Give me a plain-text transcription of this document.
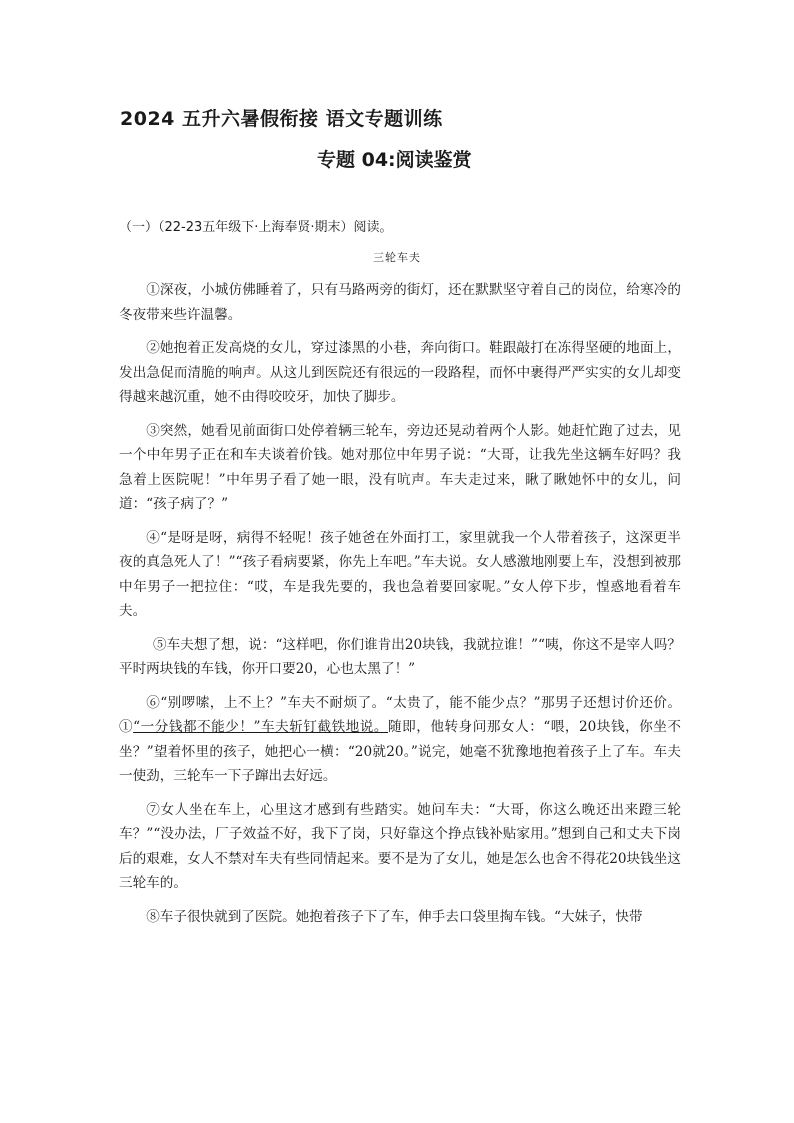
2024 五升六暑假衔接 语文专题训练
专题 04:阅读鉴赏
（一）（22-23五年级下·上海奉贤·期末）阅读。
三轮车夫

①深夜，小城仿佛睡着了，只有马路两旁的街灯，还在默默坚守着自己的岗位，给寒冷的冬夜带来些许温馨。

②她抱着正发高烧的女儿，穿过漆黑的小巷，奔向街口。鞋跟敲打在冻得坚硬的地面上，发出急促而清脆的响声。从这儿到医院还有很远的一段路程，而怀中裹得严严实实的女儿却变得越来越沉重，她不由得咬咬牙，加快了脚步。

③突然，她看见前面街口处停着辆三轮车，旁边还晃动着两个人影。她赶忙跑了过去，见一个中年男子正在和车夫谈着价钱。她对那位中年男子说：“大哥，让我先坐这辆车好吗？我急着上医院呢！”中年男子看了她一眼，没有吭声。车夫走过来，瞅了瞅她怀中的女儿，问道：“孩子病了？”

④“是呀是呀，病得不轻呢！孩子她爸在外面打工，家里就我一个人带着孩子，这深更半夜的真急死人了！”“孩子看病要紧，你先上车吧。”车夫说。女人感激地刚要上车，没想到被那中年男子一把拉住：“哎，车是我先要的，我也急着要回家呢。”女人停下步，惶惑地看着车夫。

⑤车夫想了想，说：“这样吧，你们谁肯出20块钱，我就拉谁！”“咦，你这不是宰人吗？平时两块钱的车钱，你开口要20，心也太黑了！”

⑥“别啰嗦，上不上？”车夫不耐烦了。“太贵了，能不能少点？”那男子还想讨价还价。①“一分钱都不能少！”车夫斩钉截铁地说。随即，他转身问那女人：“喂，20块钱，你坐不坐？”望着怀里的孩子，她把心一横：“20就20。”说完，她毫不犹豫地抱着孩子上了车。车夫一使劲，三轮车一下子蹿出去好远。

⑦女人坐在车上，心里这才感到有些踏实。她问车夫：“大哥，你这么晚还出来蹬三轮车？”“没办法，厂子效益不好，我下了岗，只好靠这个挣点钱补贴家用。”想到自己和丈夫下岗后的艰难，女人不禁对车夫有些同情起来。要不是为了女儿，她是怎么也舍不得花20块钱坐这三轮车的。

⑧车子很快就到了医院。她抱着孩子下了车，伸手去口袋里掏车钱。“大妹子，快带
